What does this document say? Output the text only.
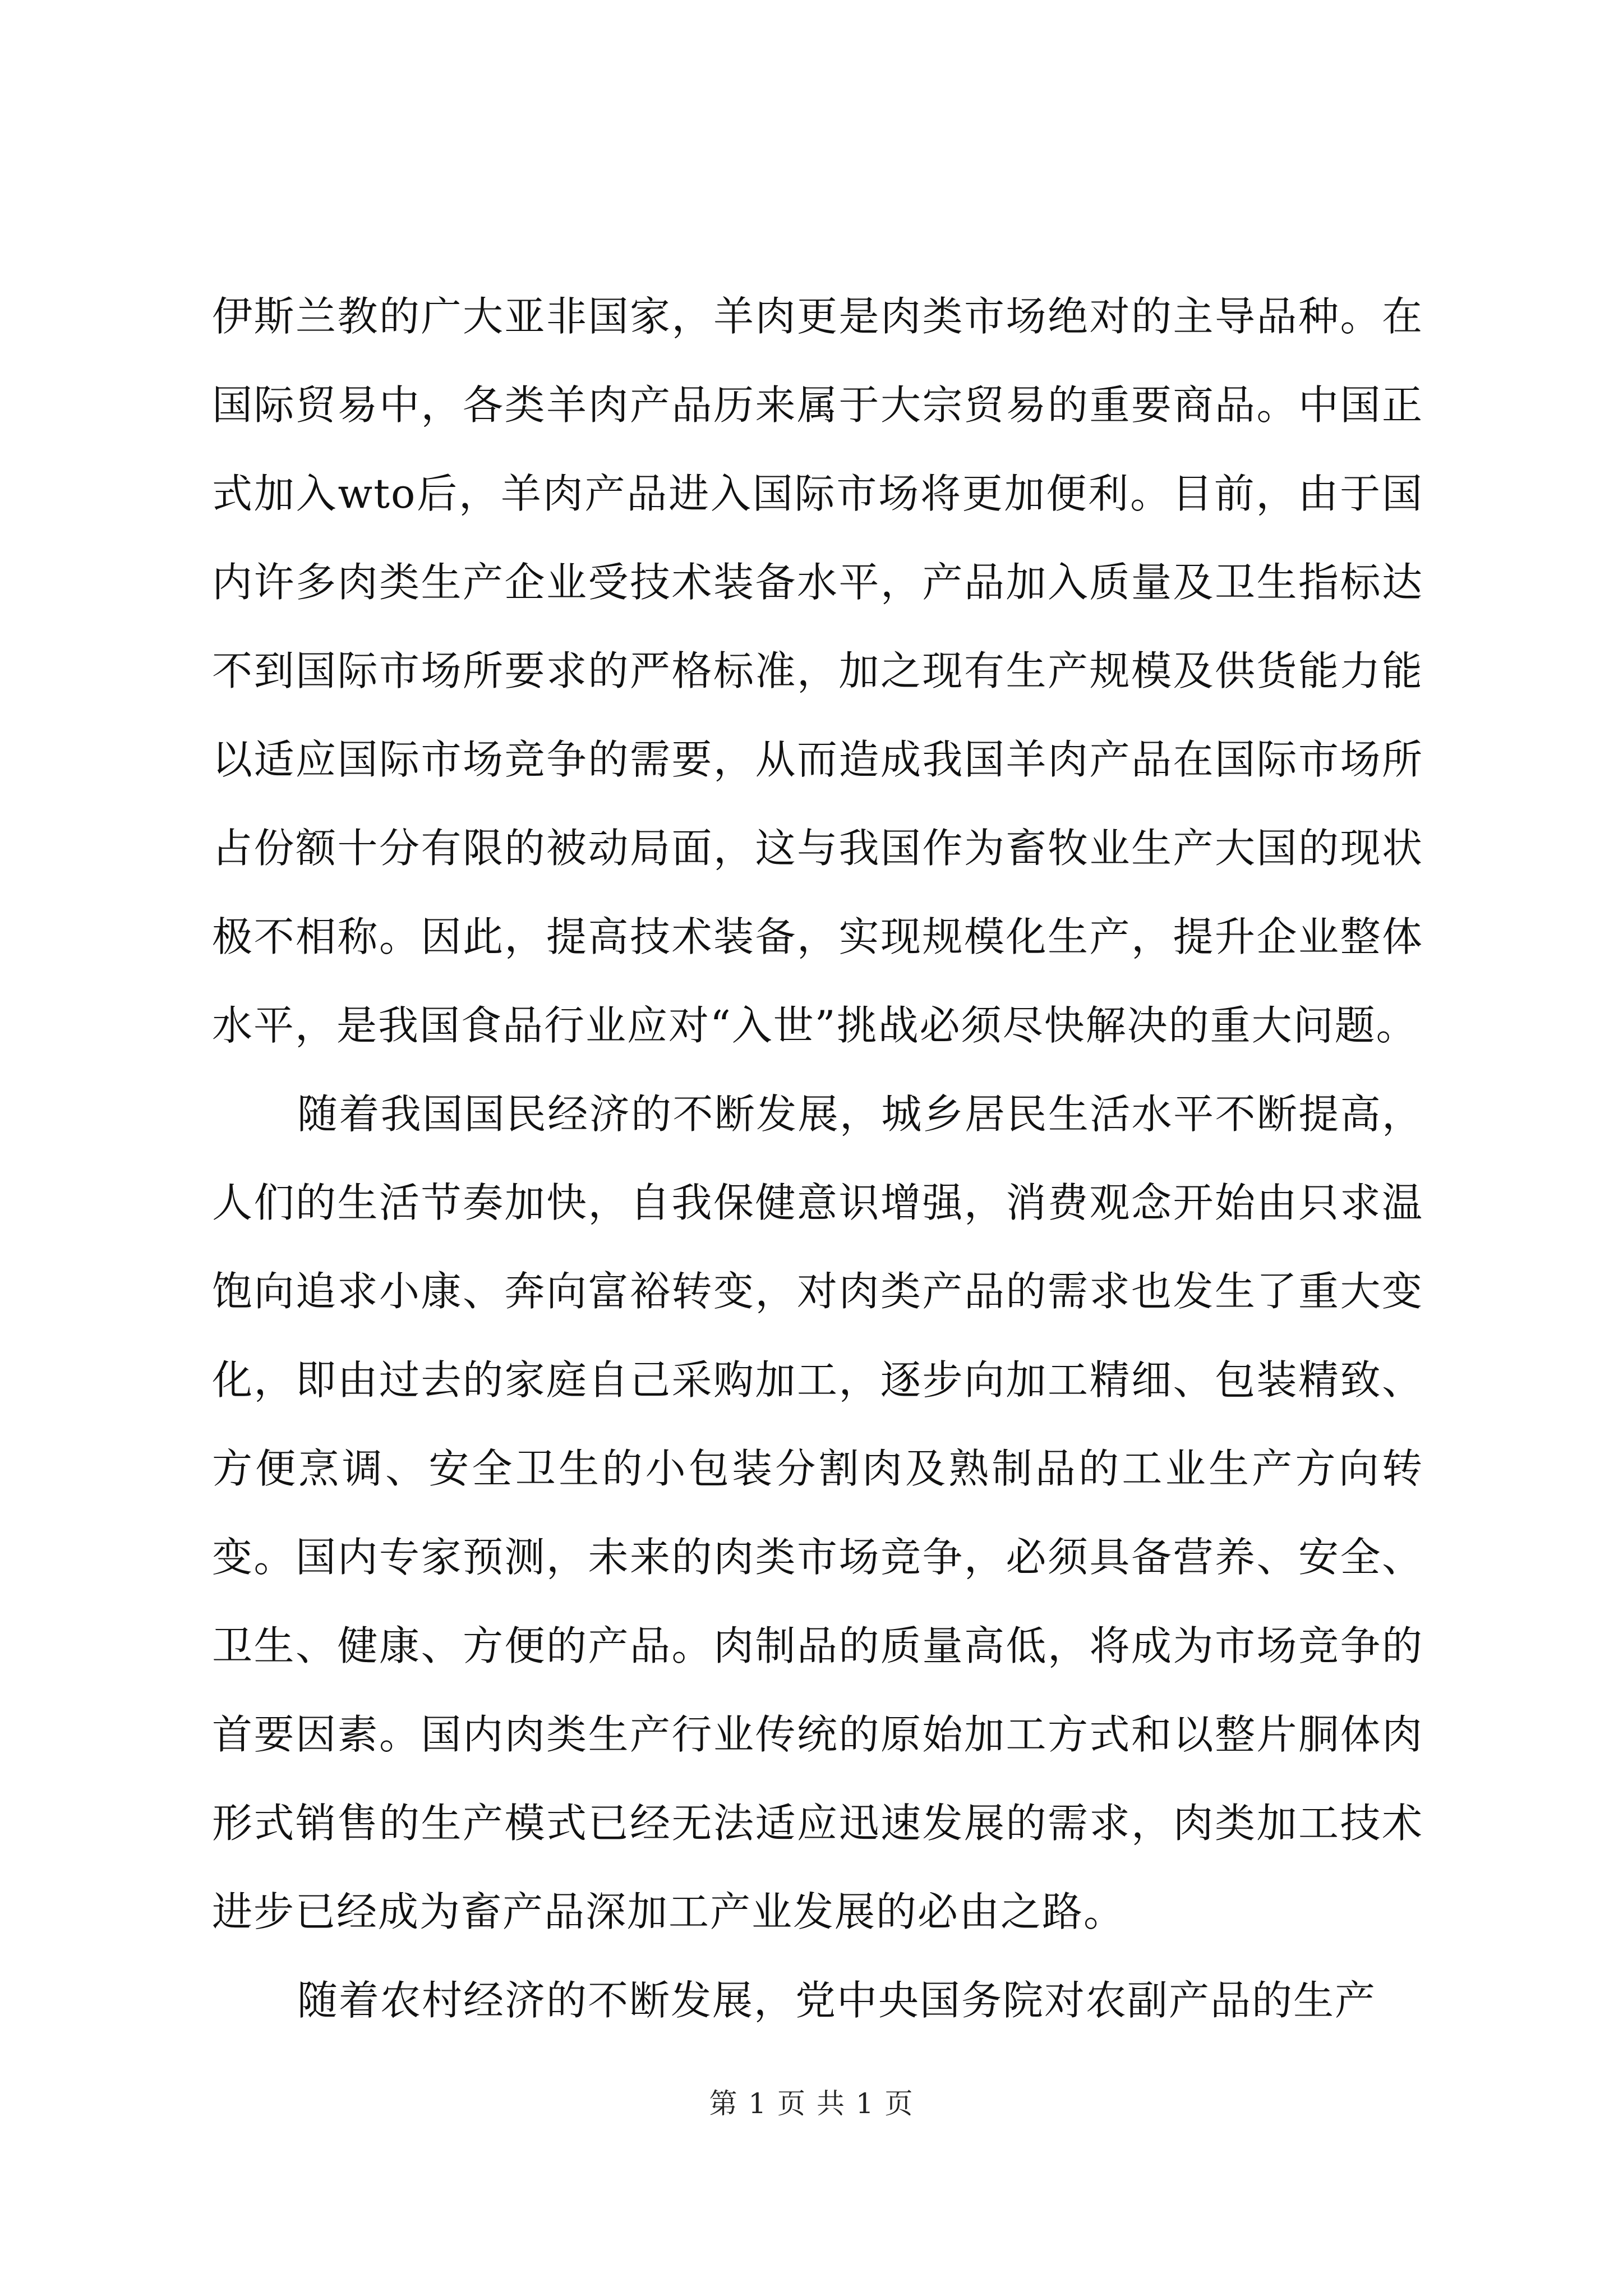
伊斯兰教的广大亚非国家，羊肉更是肉类市场绝对的主导品种。在国际贸易中，各类羊肉产品历来属于大宗贸易的重要商品。中国正式加入wto后，羊肉产品进入国际市场将更加便利。目前，由于国内许多肉类生产企业受技术装备水平，产品加入质量及卫生指标达不到国际市场所要求的严格标准，加之现有生产规模及供货能力能以适应国际市场竞争的需要，从而造成我国羊肉产品在国际市场所占份额十分有限的被动局面，这与我国作为畜牧业生产大国的现状极不相称。因此，提高技术装备，实现规模化生产，提升企业整体水平，是我国食品行业应对“入世”挑战必须尽快解决的重大问题。

随着我国国民经济的不断发展，城乡居民生活水平不断提高，人们的生活节奏加快，自我保健意识增强，消费观念开始由只求温饱向追求小康、奔向富裕转变，对肉类产品的需求也发生了重大变化，即由过去的家庭自己采购加工，逐步向加工精细、包装精致、方便烹调、安全卫生的小包装分割肉及熟制品的工业生产方向转变。国内专家预测，未来的肉类市场竞争，必须具备营养、安全、卫生、健康、方便的产品。肉制品的质量高低，将成为市场竞争的首要因素。国内肉类生产行业传统的原始加工方式和以整片胴体肉形式销售的生产模式已经无法适应迅速发展的需求，肉类加工技术进步已经成为畜产品深加工产业发展的必由之路。

随着农村经济的不断发展，党中央国务院对农副产品的生产

第 1 页 共 1 页
